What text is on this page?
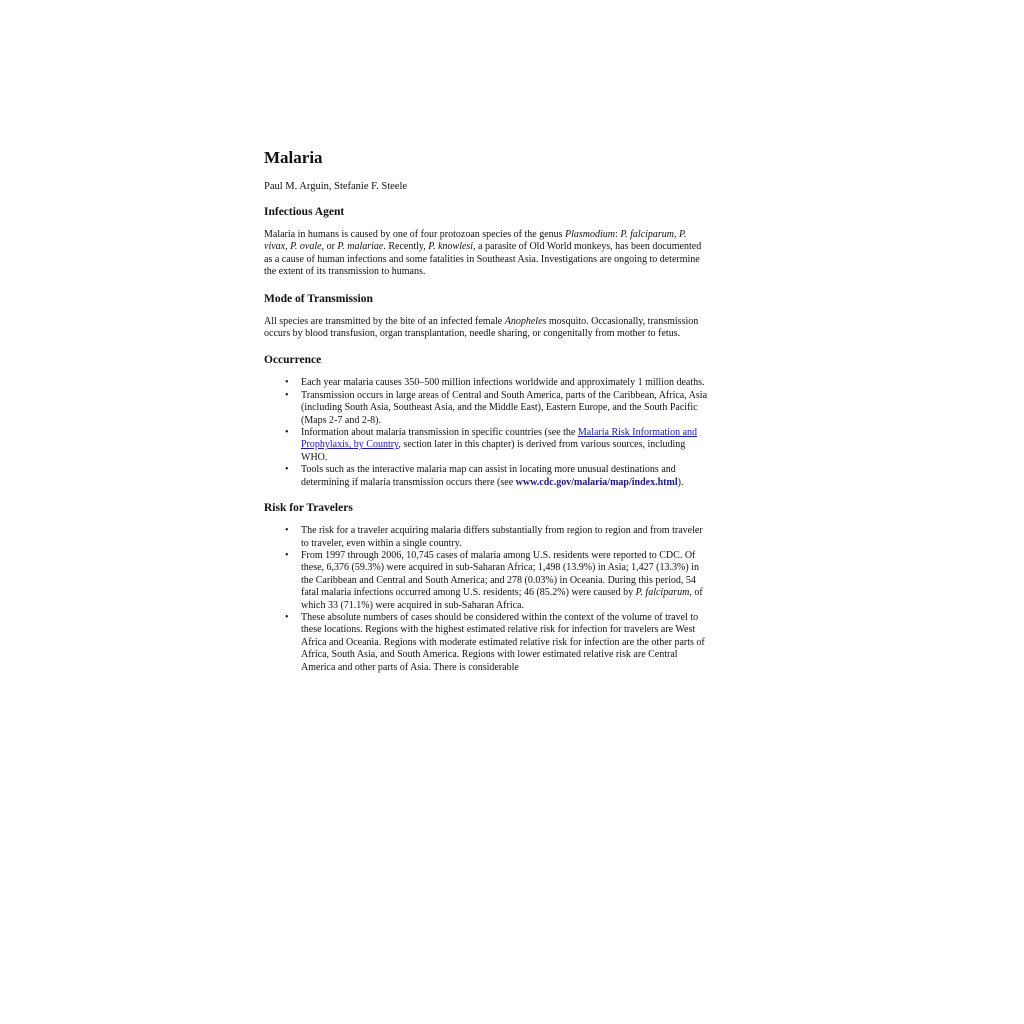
Malaria
Paul M. Arguin, Stefanie F. Steele
Infectious Agent

Malaria in humans is caused by one of four protozoan species of the genus Plasmodium: P. falciparum, P. vivax, P. ovale, or P. malariae. Recently, P. knowlesi, a parasite of Old World monkeys, has been documented as a cause of human infections and some fatalities in Southeast Asia. Investigations are ongoing to determine the extent of its transmission to humans.

Mode of Transmission

All species are transmitted by the bite of an infected female Anopheles mosquito. Occasionally, transmission occurs by blood transfusion, organ transplantation, needle sharing, or congenitally from mother to fetus.

Occurrence
• Each year malaria causes 350–500 million infections worldwide and approximately 1 million deaths.
• Transmission occurs in large areas of Central and South America, parts of the Caribbean, Africa, Asia (including South Asia, Southeast Asia, and the Middle East), Eastern Europe, and the South Pacific (Maps 2-7 and 2-8).
• Information about malaria transmission in specific countries (see the Malaria Risk Information and Prophylaxis, by Country, section later in this chapter) is derived from various sources, including WHO.
• Tools such as the interactive malaria map can assist in locating more unusual destinations and determining if malaria transmission occurs there (see www.cdc.gov/malaria/map/index.html).
Risk for Travelers
• The risk for a traveler acquiring malaria differs substantially from region to region and from traveler to traveler, even within a single country.
• From 1997 through 2006, 10,745 cases of malaria among U.S. residents were reported to CDC. Of these, 6,376 (59.3%) were acquired in sub-Saharan Africa; 1,498 (13.9%) in Asia; 1,427 (13.3%) in the Caribbean and Central and South America; and 278 (0.03%) in Oceania. During this period, 54 fatal malaria infections occurred among U.S. residents; 46 (85.2%) were caused by P. falciparum, of which 33 (71.1%) were acquired in sub-Saharan Africa.
• These absolute numbers of cases should be considered within the context of the volume of travel to these locations. Regions with the highest estimated relative risk for infection for travelers are West Africa and Oceania. Regions with moderate estimated relative risk for infection are the other parts of Africa, South Asia, and South America. Regions with lower estimated relative risk are Central America and other parts of Asia. There is considerable
